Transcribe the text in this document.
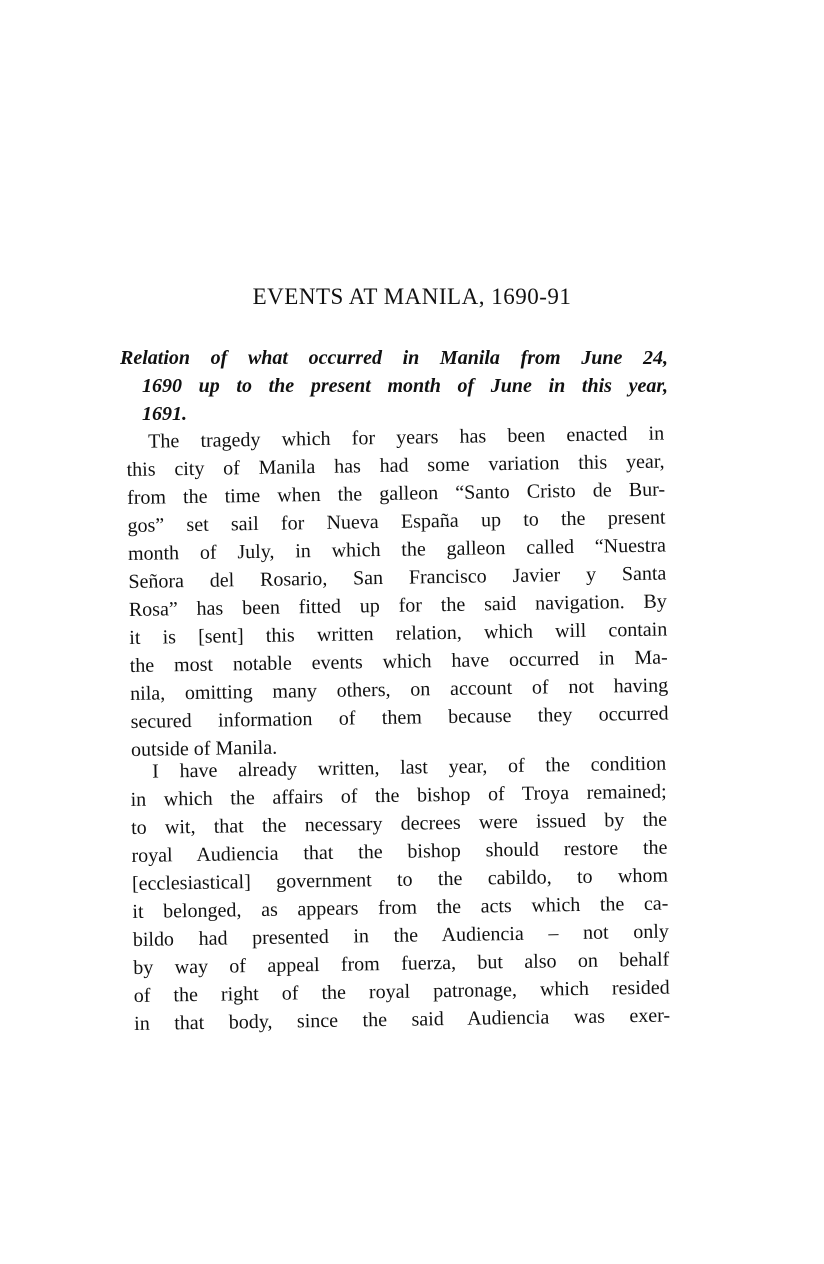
EVENTS AT MANILA, 1690-91
Relation of what occurred in Manila from June 24,
1690 up to the present month of June in this year,
1691.
The tragedy which for years has been enacted in
this city of Manila has had some variation this year,
from the time when the galleon “Santo Cristo de Bur-
gos” set sail for Nueva España up to the present
month of July, in which the galleon called “Nuestra
Señora del Rosario, San Francisco Javier y Santa
Rosa” has been fitted up for the said navigation. By
it is [sent] this written relation, which will contain
the most notable events which have occurred in Ma-
nila, omitting many others, on account of not having
secured information of them because they occurred
outside of Manila.
I have already written, last year, of the condition
in which the affairs of the bishop of Troya remained;
to wit, that the necessary decrees were issued by the
royal Audiencia that the bishop should restore the
[ecclesiastical] government to the cabildo, to whom
it belonged, as appears from the acts which the ca-
bildo had presented in the Audiencia – not only
by way of appeal from fuerza, but also on behalf
of the right of the royal patronage, which resided
in that body, since the said Audiencia was exer-
